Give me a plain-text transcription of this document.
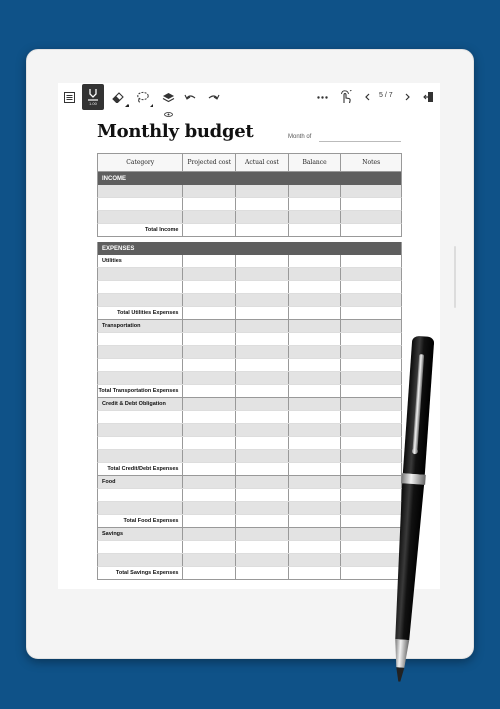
1.00
5 / 7
Monthly budget	Month of
Category	Projected cost	Actual cost	Balance	Notes
INCOME
Total Income
EXPENSES
Utilities
Total Utilities Expenses
Transportation
Total Transportation Expenses
Credit & Debt Obligation
Total Credit/Debt Expenses
Food
Total Food Expenses
Savings
Total Savings Expenses
